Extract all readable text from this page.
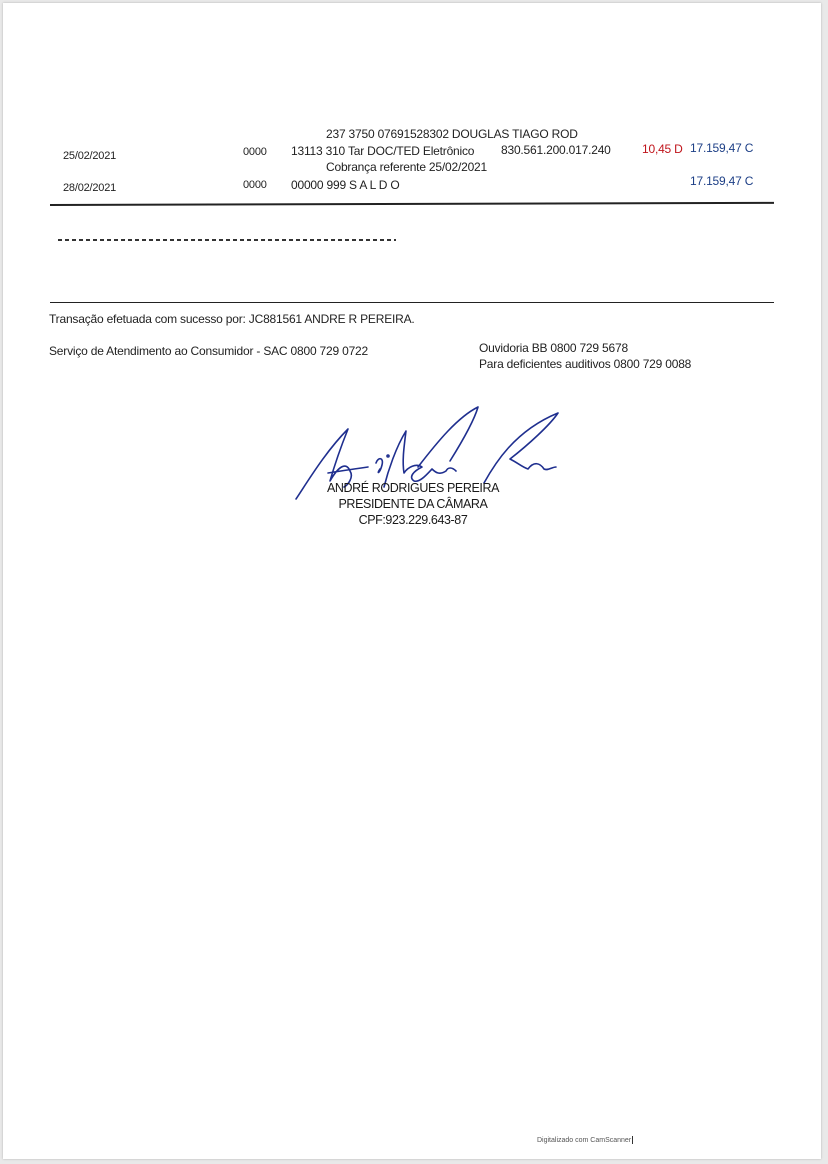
237 3750 07691528302 DOUGLAS TIAGO ROD
25/02/2021	0000 13113 310 Tar DOC/TED Eletrônico 830.561.200.017.240	10,45 D 17.159,47 C
Cobrança referente 25/02/2021
28/02/2021	0000 00000 999 S A L D O	17.159,47 C
Transação efetuada com sucesso por: JC881561 ANDRE R PEREIRA.
Serviço de Atendimento ao Consumidor - SAC 0800 729 0722	Ouvidoria BB 0800 729 5678
Para deficientes auditivos 0800 729 0088
ANDRÉ RODRIGUES PEREIRA
PRESIDENTE DA CÂMARA
CPF:923.229.643-87
Digitalizado com CamScanner
